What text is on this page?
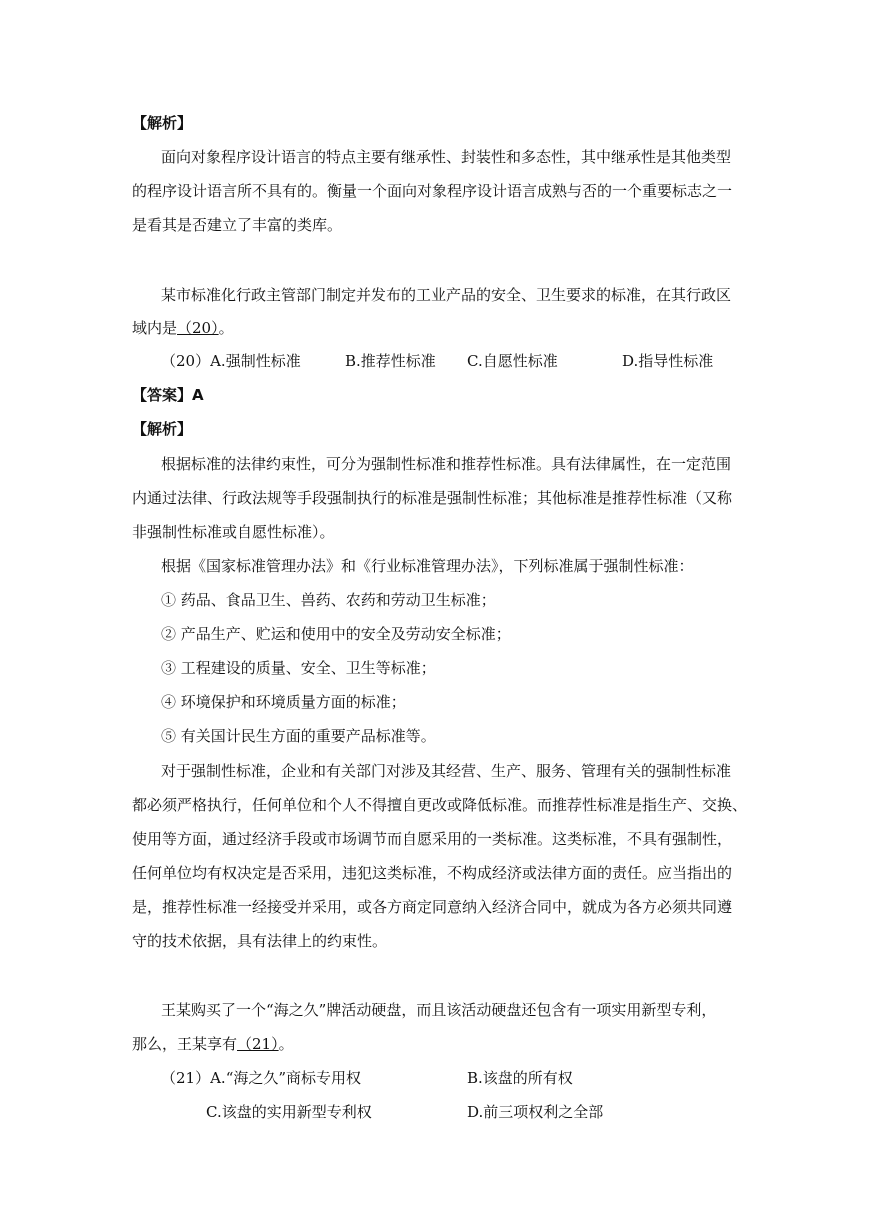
【解析】
面向对象程序设计语言的特点主要有继承性、封装性和多态性，其中继承性是其他类型
的程序设计语言所不具有的。衡量一个面向对象程序设计语言成熟与否的一个重要标志之一
是看其是否建立了丰富的类库。
某市标准化行政主管部门制定并发布的工业产品的安全、卫生要求的标准，在其行政区
域内是（20）。
（20）A.强制性标准	B.推荐性标准 C.自愿性标准	D.指导性标准
【答案】A
【解析】
根据标准的法律约束性，可分为强制性标准和推荐性标准。具有法律属性，在一定范围
内通过法律、行政法规等手段强制执行的标准是强制性标准；其他标准是推荐性标准（又称
非强制性标准或自愿性标准）。
根据《国家标准管理办法》和《行业标准管理办法》，下列标准属于强制性标准：
① 药品、食品卫生、兽药、农药和劳动卫生标准；
② 产品生产、贮运和使用中的安全及劳动安全标准；
③ 工程建设的质量、安全、卫生等标准；
④ 环境保护和环境质量方面的标准；
⑤ 有关国计民生方面的重要产品标准等。
对于强制性标准，企业和有关部门对涉及其经营、生产、服务、管理有关的强制性标准
都必须严格执行，任何单位和个人不得擅自更改或降低标准。而推荐性标准是指生产、交换、
使用等方面，通过经济手段或市场调节而自愿采用的一类标准。这类标准，不具有强制性，
任何单位均有权决定是否采用，违犯这类标准，不构成经济或法律方面的责任。应当指出的
是，推荐性标准一经接受并采用，或各方商定同意纳入经济合同中，就成为各方必须共同遵
守的技术依据，具有法律上的约束性。
王某购买了一个“海之久”牌活动硬盘，而且该活动硬盘还包含有一项实用新型专利，
那么，王某享有（21）。
（21）A.“海之久”商标专用权	B.该盘的所有权
C.该盘的实用新型专利权	D.前三项权利之全部
